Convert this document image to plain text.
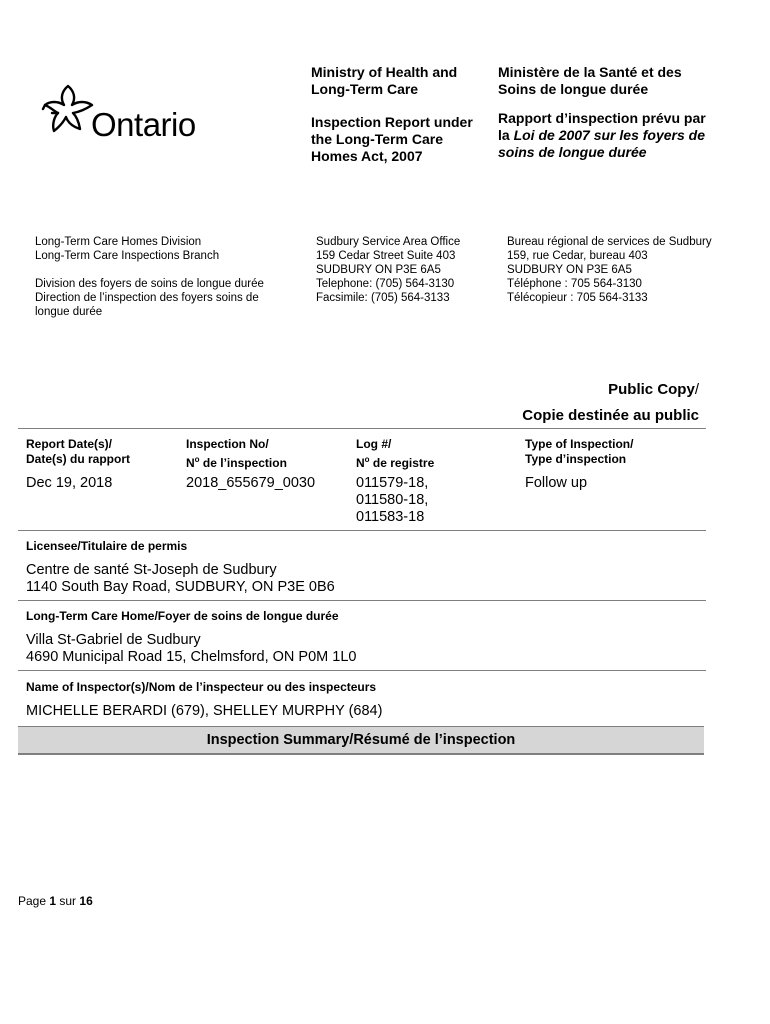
Ontario
Ministry of Health and
Long-Term Care
Inspection Report under
the Long-Term Care
Homes Act, 2007
Ministère de la Santé et des
Soins de longue durée
Rapport d’inspection prévu par
la Loi de 2007 sur les foyers de
soins de longue durée
Long-Term Care Homes Division
Long-Term Care Inspections Branch
Division des foyers de soins de longue durée
Direction de l’inspection des foyers soins de
longue durée
Sudbury Service Area Office
159 Cedar Street Suite 403
SUDBURY ON P3E 6A5
Telephone: (705) 564-3130
Facsimile: (705) 564-3133
Bureau régional de services de Sudbury
159, rue Cedar, bureau 403
SUDBURY ON P3E 6A5
Téléphone : 705 564-3130
Télécopieur : 705 564-3133
Public Copy/
Copie destinée au public
Report Date(s)/
Date(s) du rapport
Inspection No/
$N^o$ de l’inspection
Log #/
$N^o$ de registre
Type of Inspection/
Type d’inspection
Dec 19, 2018	2018_655679_0030	011579-18,
011580-18,
011583-18
Follow up
Licensee/Titulaire de permis
Centre de santé St-Joseph de Sudbury
1140 South Bay Road, SUDBURY, ON P3E 0B6
Long-Term Care Home/Foyer de soins de longue durée
Villa St-Gabriel de Sudbury
4690 Municipal Road 15, Chelmsford, ON P0M 1L0
Name of Inspector(s)/Nom de l’inspecteur ou des inspecteurs
MICHELLE BERARDI (679), SHELLEY MURPHY (684)
Inspection Summary/Résumé de l’inspection
Page 1 sur 16
